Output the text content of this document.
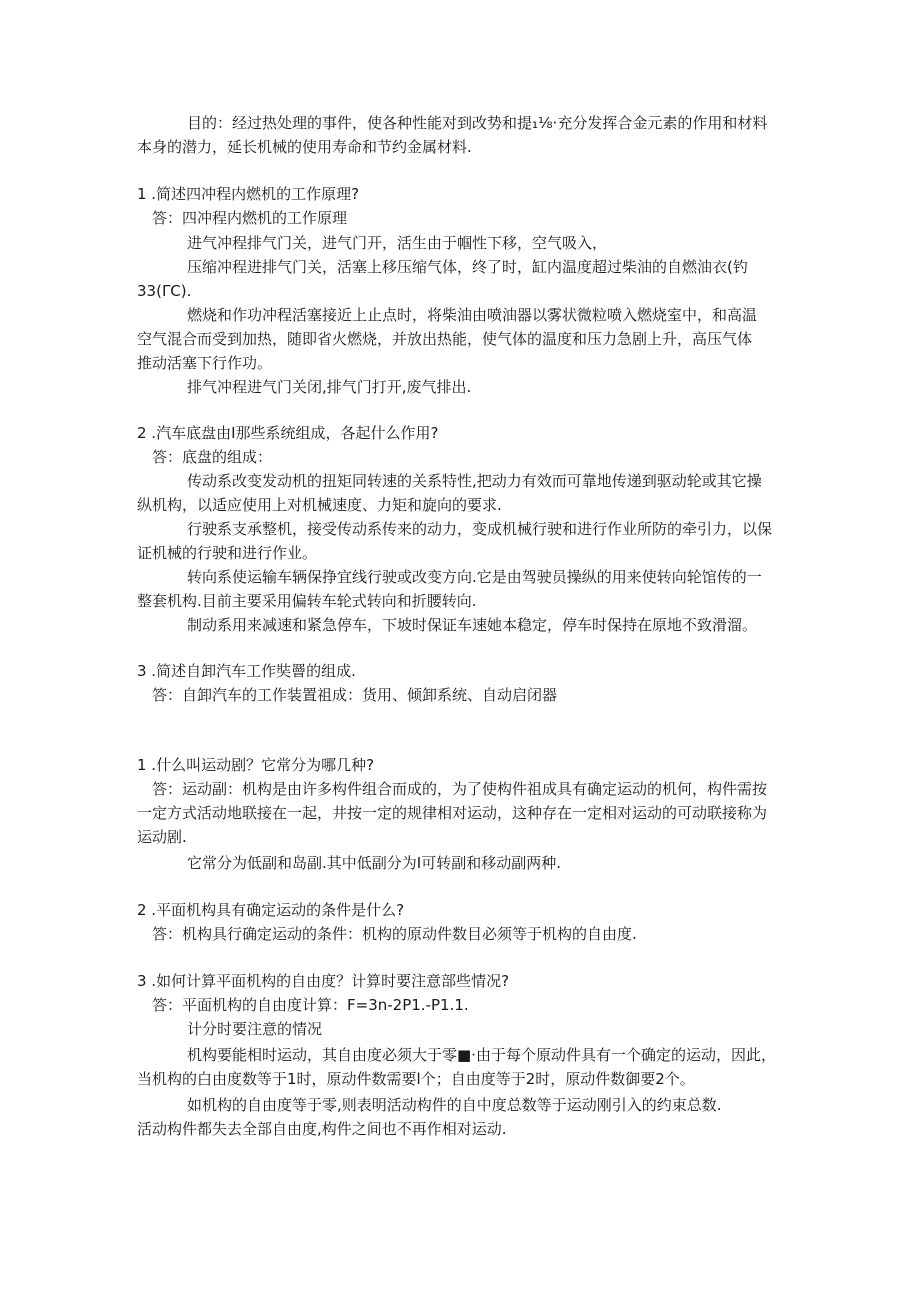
目的：经过热处理的事件，使各种性能对到改势和提₁⅛·充分发挥合金元素的作用和材料
本身的潜力，延长机械的使用寿命和节约金属材料.
1 .简述四冲程内燃机的工作原理?
答：四冲程内燃机的工作原理
进气冲程排气门关，进气门开，活生由于帼性下移，空气吸入，
压缩冲程进排气门关，活塞上移压缩气体，终了时，缸内温度超过柴油的自燃油衣(钓
33(ΓC).
燃烧和作功冲程活塞接近上止点时，将柴油由喷油器以雾状微粒喷入燃烧室中，和高温
空气混合而受到加热，随即省火燃烧，并放出热能，使气体的温度和压力急剧上升，高压气体
推动活塞下行作功。
排气冲程进气门关闭,排气门打开,废气排出.
2 .汽车底盘由I那些系统组成，各起什么作用?
答：底盘的组成：
传动系改变发动机的扭矩同转速的关系特性,把动力有效而可靠地传递到驱动轮或其它操
纵机构，以适应使用上对机械速度、力矩和旋向的要求.
行驶系支承整机，接受传动系传来的动力，变成机械行驶和进行作业所防的牵引力，以保
证机械的行驶和进行作业。
转向系使运输车辆保挣宜线行驶或改变方向.它是由驾驶员操纵的用来使转向轮馆传的一
整套机构.目前主要采用偏转车轮式转向和折腰转向.
制动系用来减速和紧急停车，下坡时保证车速她本稳定，停车时保持在原地不致滑溜。
3 .简述自卸汽车工作奘罾的组成.
答：自卸汽车的工作装置祖成：货用、倾卸系统、自动启闭器
1 .什么叫运动剧？它常分为哪几种?
答：运动副：机构是由许多构件组合而成的，为了使构件祖成具有确定运动的机何，构件需按
一定方式活动地联接在一起，井按一定的规律相对运动，这种存在一定相对运动的可动联接称为
运动剧.
它常分为低副和岛副.其中低副分为I可转副和移动副两种.
2 .平面机构具有确定运动的条件是什么?
答：机构具行确定运动的条件：机构的原动件数目必须等于机构的自由度.
3 .如何计算平面机构的自由度？计算时要注意部些情况?
答：平面机构的自由度计算：F=3n-2P1.-P1.1.
计分时要注意的情况
机构要能相时运动，其自由度必须大于零■·由于每个原动件具有一个确定的运动，因此，
当机构的白由度数等于1时，原动件数需要l个；自由度等于2时，原动件数御要2个。
如机构的自由度等于零,则表明活动构件的自中度总数等于运动刚引入的约束总数.
活动构件都失去全部自由度,构件之间也不再作相对运动.
